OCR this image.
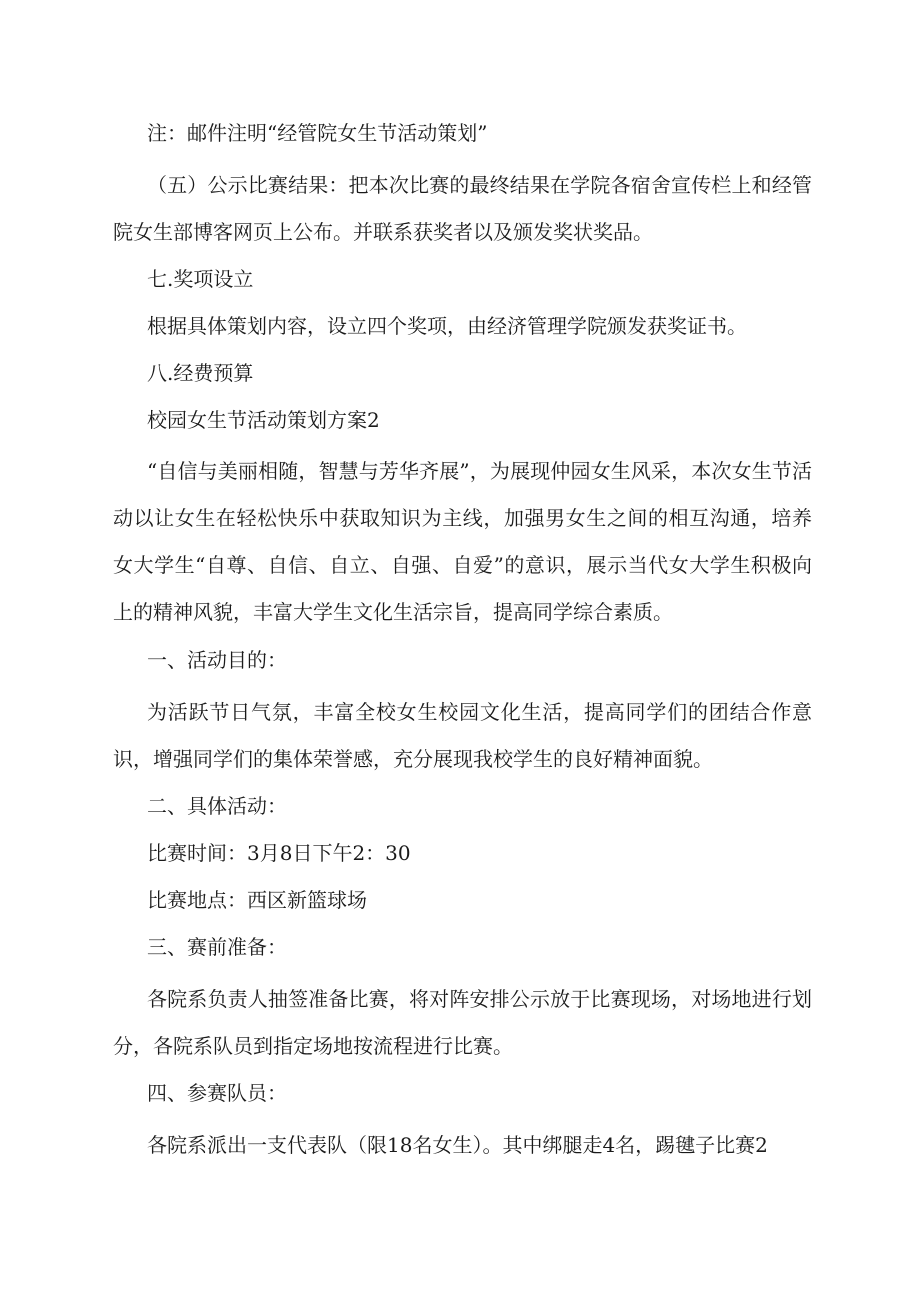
注：邮件注明“经管院女生节活动策划”

（五）公示比赛结果：把本次比赛的最终结果在学院各宿舍宣传栏上和经管院女生部博客网页上公布。并联系获奖者以及颁发奖状奖品。

七.奖项设立

根据具体策划内容，设立四个奖项，由经济管理学院颁发获奖证书。

八.经费预算

校园女生节活动策划方案2

“自信与美丽相随，智慧与芳华齐展”，为展现仲园女生风采，本次女生节活动以让女生在轻松快乐中获取知识为主线，加强男女生之间的相互沟通，培养女大学生“自尊、自信、自立、自强、自爱”的意识，展示当代女大学生积极向上的精神风貌，丰富大学生文化生活宗旨，提高同学综合素质。

一、活动目的：

为活跃节日气氛，丰富全校女生校园文化生活，提高同学们的团结合作意识，增强同学们的集体荣誉感，充分展现我校学生的良好精神面貌。

二、具体活动：

比赛时间：3月8日下午2：30

比赛地点：西区新篮球场

三、赛前准备：

各院系负责人抽签准备比赛，将对阵安排公示放于比赛现场，对场地进行划分，各院系队员到指定场地按流程进行比赛。

四、参赛队员：

各院系派出一支代表队（限18名女生）。其中绑腿走4名，踢毽子比赛2
